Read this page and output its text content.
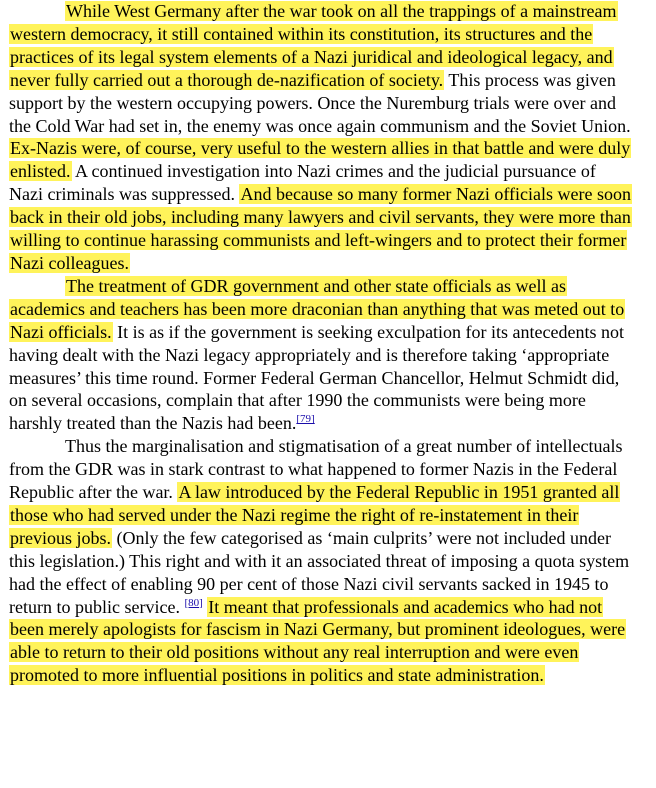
While West Germany after the war took on all the trappings of a mainstream western democracy, it still contained within its constitution, its structures and the practices of its legal system elements of a Nazi juridical and ideological legacy, and never fully carried out a thorough de-nazification of society. This process was given support by the western occupying powers. Once the Nuremburg trials were over and the Cold War had set in, the enemy was once again communism and the Soviet Union. Ex-Nazis were, of course, very useful to the western allies in that battle and were duly enlisted. A continued investigation into Nazi crimes and the judicial pursuance of Nazi criminals was suppressed. And because so many former Nazi officials were soon back in their old jobs, including many lawyers and civil servants, they were more than willing to continue harassing communists and left-wingers and to protect their former Nazi colleagues.

The treatment of GDR government and other state officials as well as academics and teachers has been more draconian than anything that was meted out to Nazi officials. It is as if the government is seeking exculpation for its antecedents not having dealt with the Nazi legacy appropriately and is therefore taking ‘appropriate measures’ this time round. Former Federal German Chancellor, Helmut Schmidt did, on several occasions, complain that after 1990 the communists were being more harshly treated than the Nazis had been.[79]

Thus the marginalisation and stigmatisation of a great number of intellectuals from the GDR was in stark contrast to what happened to former Nazis in the Federal Republic after the war. A law introduced by the Federal Republic in 1951 granted all those who had served under the Nazi regime the right of re-instatement in their previous jobs. (Only the few categorised as ‘main culprits’ were not included under this legislation.) This right and with it an associated threat of imposing a quota system had the effect of enabling 90 per cent of those Nazi civil servants sacked in 1945 to return to public service. [80] It meant that professionals and academics who had not been merely apologists for fascism in Nazi Germany, but prominent ideologues, were able to return to their old positions without any real interruption and were even promoted to more influential positions in politics and state administration.
